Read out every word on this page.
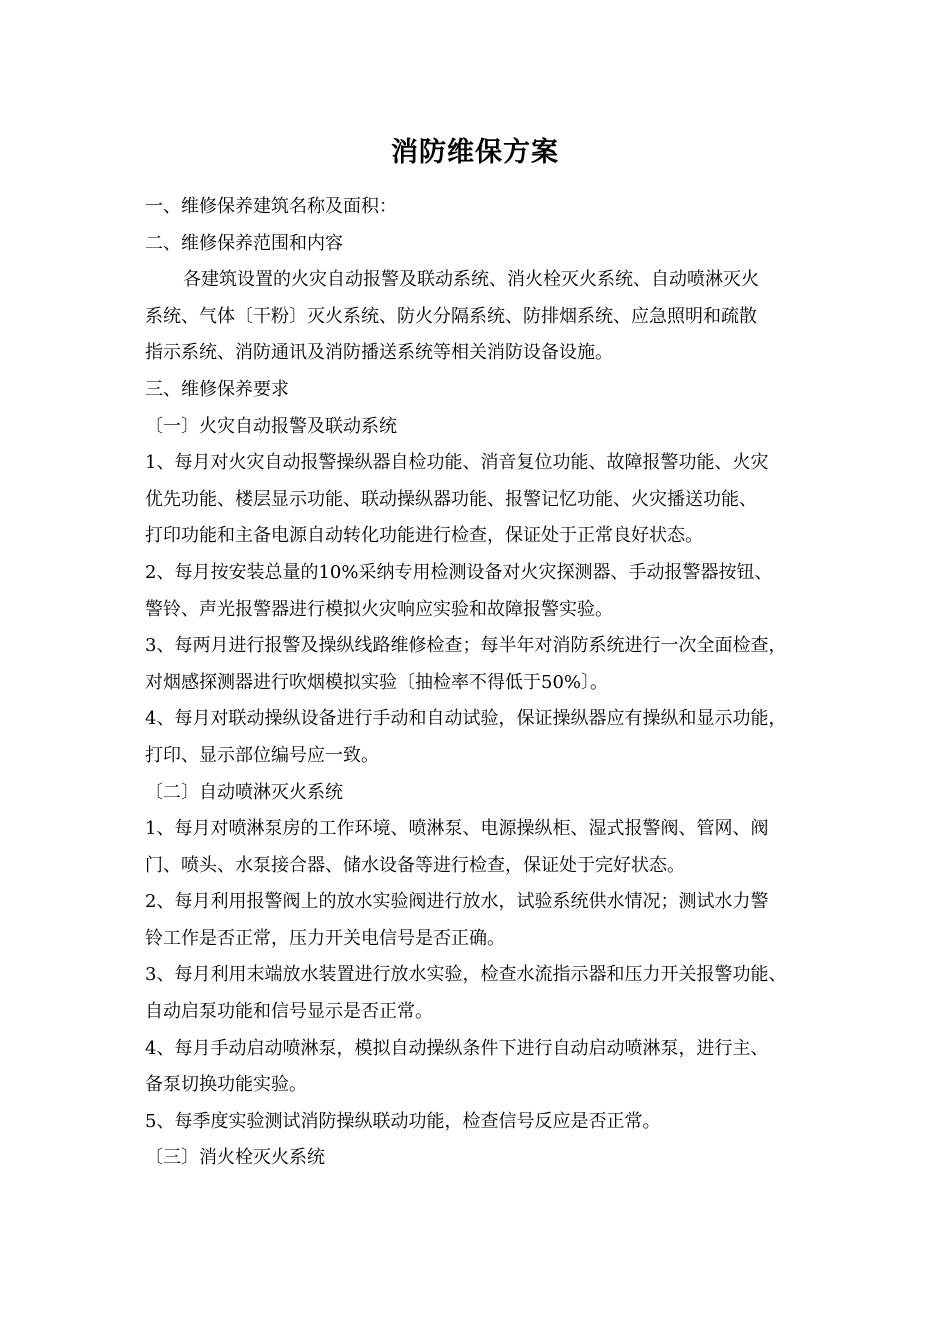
消防维保方案
一、维修保养建筑名称及面积：
二、维修保养范围和内容
各建筑设置的火灾自动报警及联动系统、消火栓灭火系统、自动喷淋灭火
系统、气体〔干粉〕灭火系统、防火分隔系统、防排烟系统、应急照明和疏散
指示系统、消防通讯及消防播送系统等相关消防设备设施。
三、维修保养要求
〔一〕火灾自动报警及联动系统
1、每月对火灾自动报警操纵器自检功能、消音复位功能、故障报警功能、火灾
优先功能、楼层显示功能、联动操纵器功能、报警记忆功能、火灾播送功能、
打印功能和主备电源自动转化功能进行检查，保证处于正常良好状态。
2、每月按安装总量的10%采纳专用检测设备对火灾探测器、手动报警器按钮、
警铃、声光报警器进行模拟火灾响应实验和故障报警实验。
3、每两月进行报警及操纵线路维修检查；每半年对消防系统进行一次全面检查，
对烟感探测器进行吹烟模拟实验〔抽检率不得低于50%〕。
4、每月对联动操纵设备进行手动和自动试验，保证操纵器应有操纵和显示功能，
打印、显示部位编号应一致。
〔二〕自动喷淋灭火系统
1、每月对喷淋泵房的工作环境、喷淋泵、电源操纵柜、湿式报警阀、管网、阀
门、喷头、水泵接合器、储水设备等进行检查，保证处于完好状态。
2、每月利用报警阀上的放水实验阀进行放水，试验系统供水情况；测试水力警
铃工作是否正常，压力开关电信号是否正确。
3、每月利用末端放水装置进行放水实验，检查水流指示器和压力开关报警功能、
自动启泵功能和信号显示是否正常。
4、每月手动启动喷淋泵，模拟自动操纵条件下进行自动启动喷淋泵，进行主、
备泵切换功能实验。
5、每季度实验测试消防操纵联动功能，检查信号反应是否正常。
〔三〕消火栓灭火系统
